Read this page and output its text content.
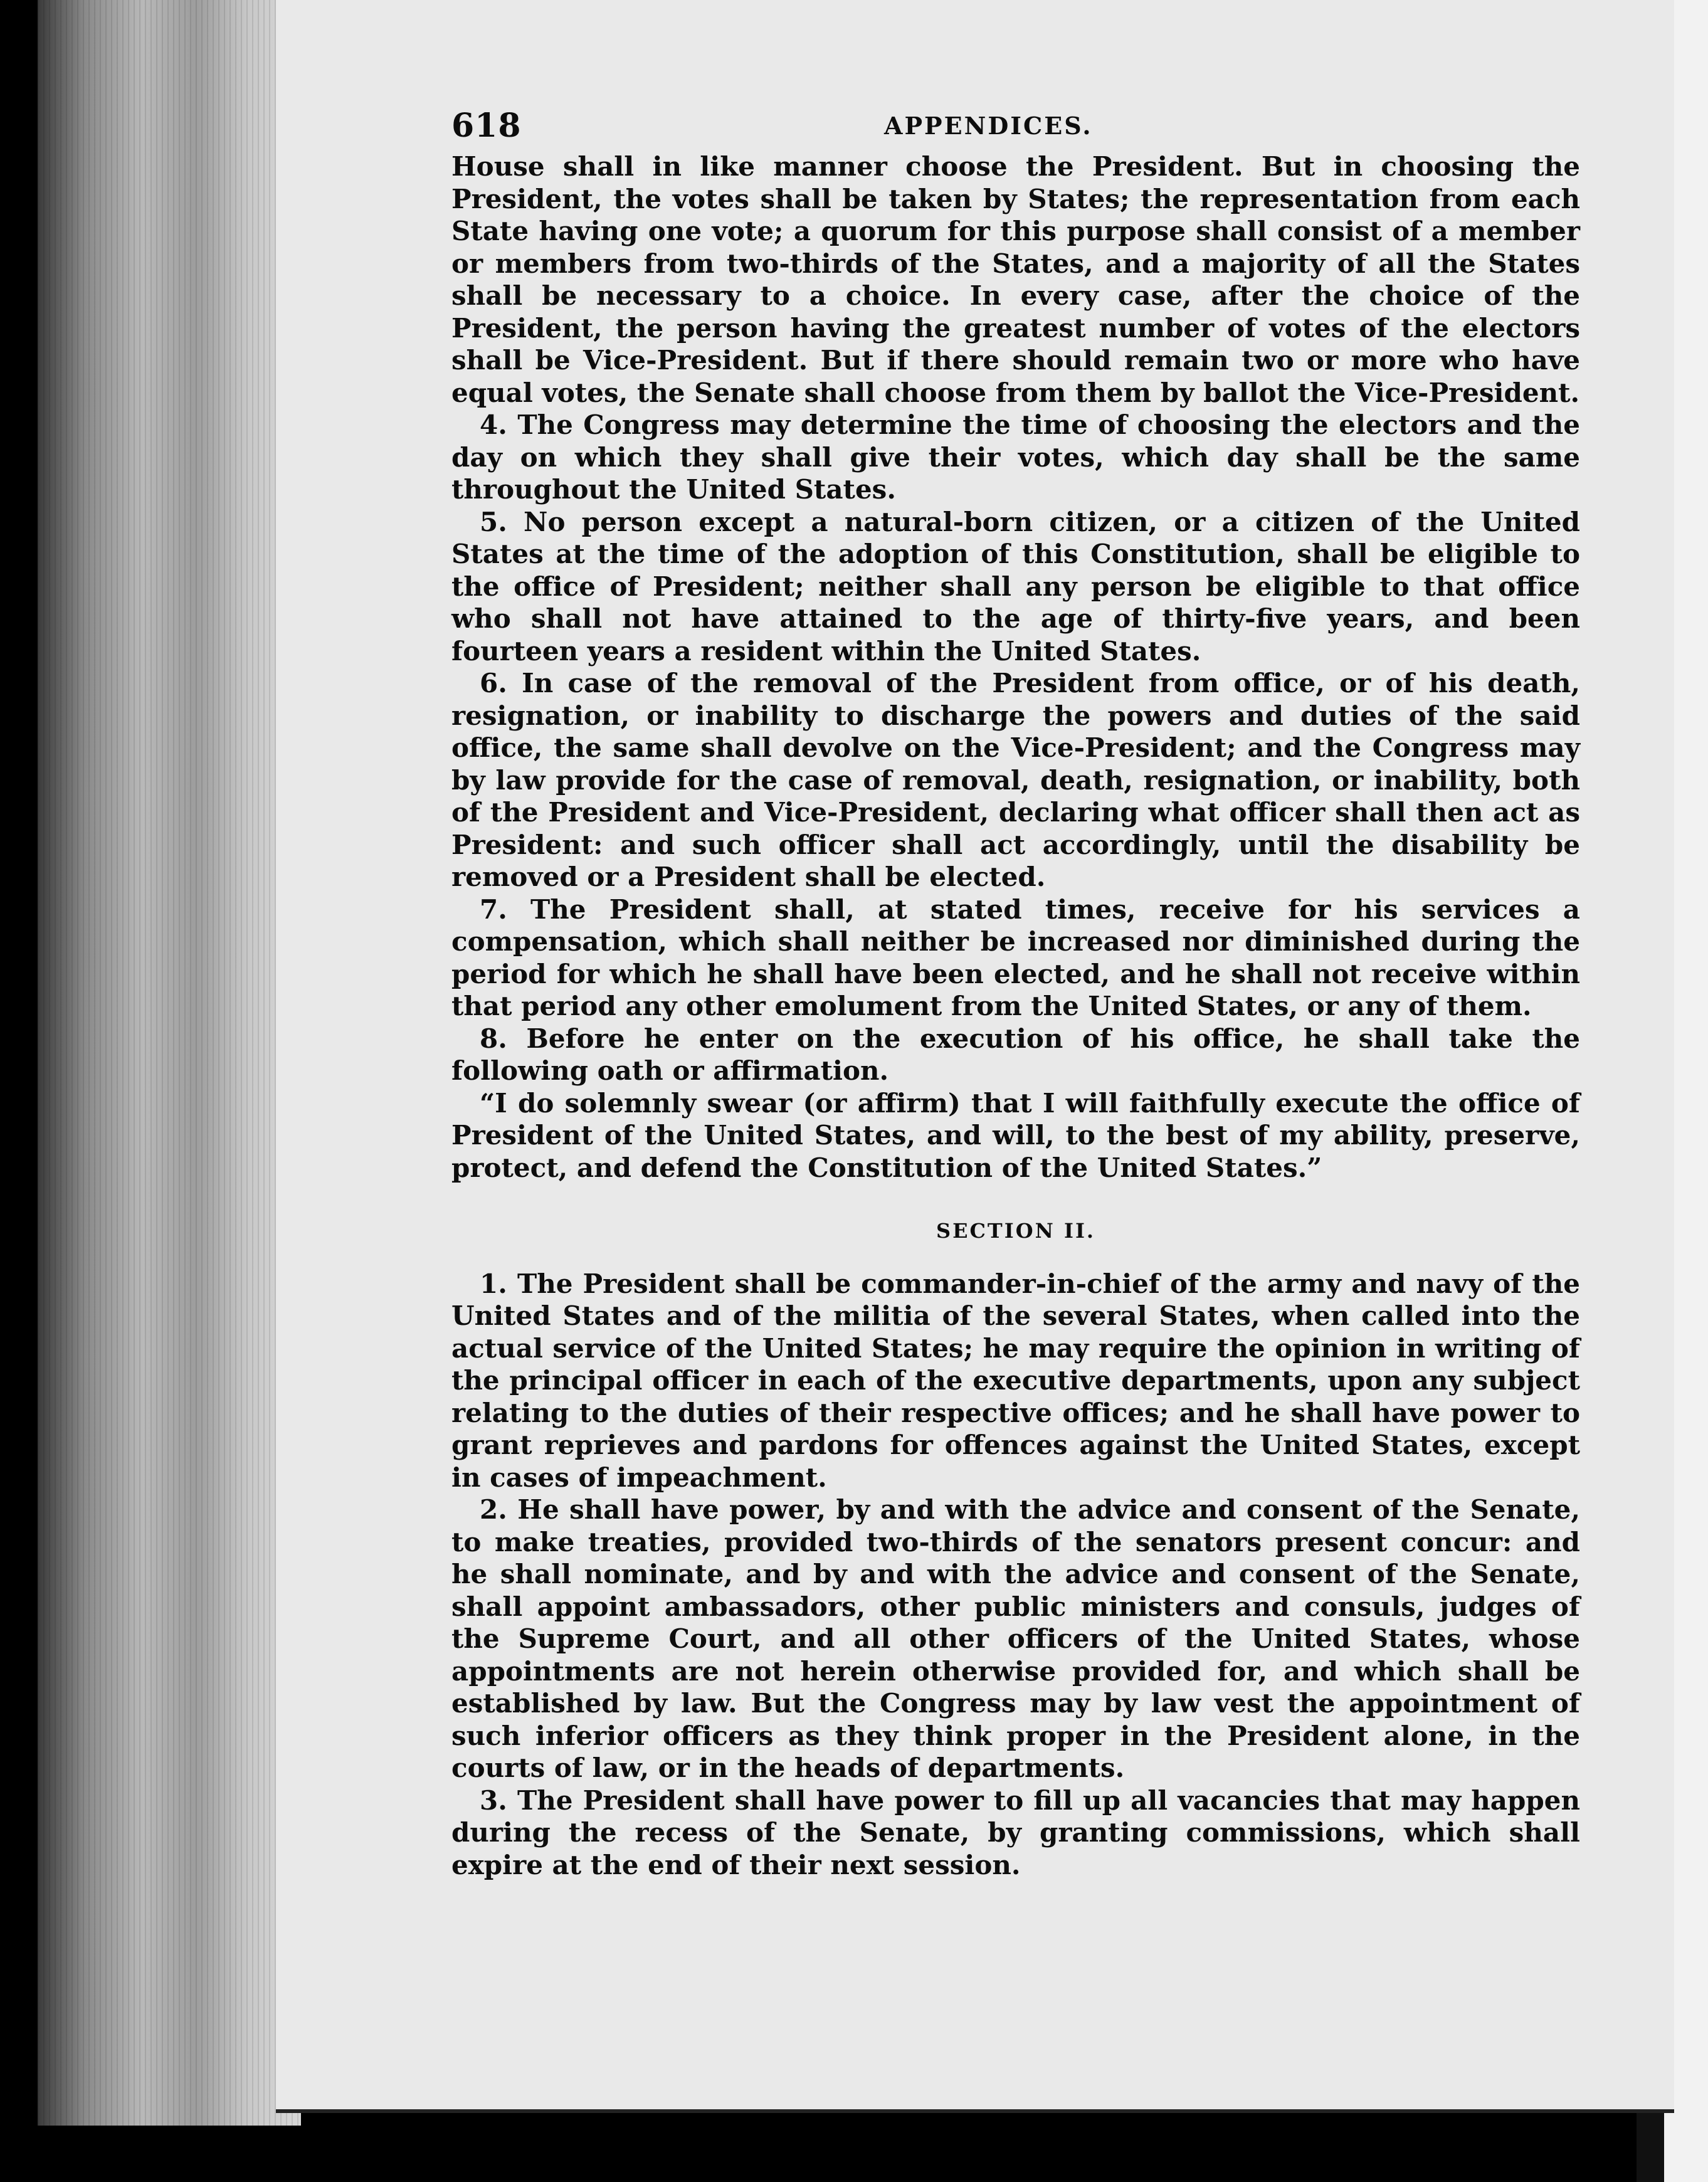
618	APPENDICES.

House shall in like manner choose the President. But in choosing the President, the votes shall be taken by States; the representation from each State having one vote; a quorum for this purpose shall consist of a member or members from two-thirds of the States, and a majority of all the States shall be necessary to a choice. In every case, after the choice of the President, the person having the greatest number of votes of the electors shall be Vice-President. But if there should remain two or more who have equal votes, the Senate shall choose from them by ballot the Vice-President.

4. The Congress may determine the time of choosing the electors and the day on which they shall give their votes, which day shall be the same throughout the United States.

5. No person except a natural-born citizen, or a citizen of the United States at the time of the adoption of this Constitution, shall be eligible to the office of President; neither shall any person be eligible to that office who shall not have attained to the age of thirty-five years, and been fourteen years a resident within the United States.

6. In case of the removal of the President from office, or of his death, resignation, or inability to discharge the powers and duties of the said office, the same shall devolve on the Vice-President; and the Congress may by law provide for the case of removal, death, resignation, or inability, both of the President and Vice-President, declaring what officer shall then act as President: and such officer shall act accordingly, until the disability be removed or a President shall be elected.

7. The President shall, at stated times, receive for his services a compensation, which shall neither be increased nor diminished during the period for which he shall have been elected, and he shall not receive within that period any other emolument from the United States, or any of them.

8. Before he enter on the execution of his office, he shall take the following oath or affirmation.

“I do solemnly swear (or affirm) that I will faithfully execute the office of President of the United States, and will, to the best of my ability, preserve, protect, and defend the Constitution of the United States.”

SECTION II.

1. The President shall be commander-in-chief of the army and navy of the United States and of the militia of the several States, when called into the actual service of the United States; he may require the opinion in writing of the principal officer in each of the executive departments, upon any subject relating to the duties of their respective offices; and he shall have power to grant reprieves and pardons for offences against the United States, except in cases of impeachment.

2. He shall have power, by and with the advice and consent of the Senate, to make treaties, provided two-thirds of the senators present concur: and he shall nominate, and by and with the advice and consent of the Senate, shall appoint ambassadors, other public ministers and consuls, judges of the Supreme Court, and all other officers of the United States, whose appointments are not herein otherwise provided for, and which shall be established by law. But the Congress may by law vest the appointment of such inferior officers as they think proper in the President alone, in the courts of law, or in the heads of departments.

3. The President shall have power to fill up all vacancies that may happen during the recess of the Senate, by granting commissions, which shall expire at the end of their next session.
